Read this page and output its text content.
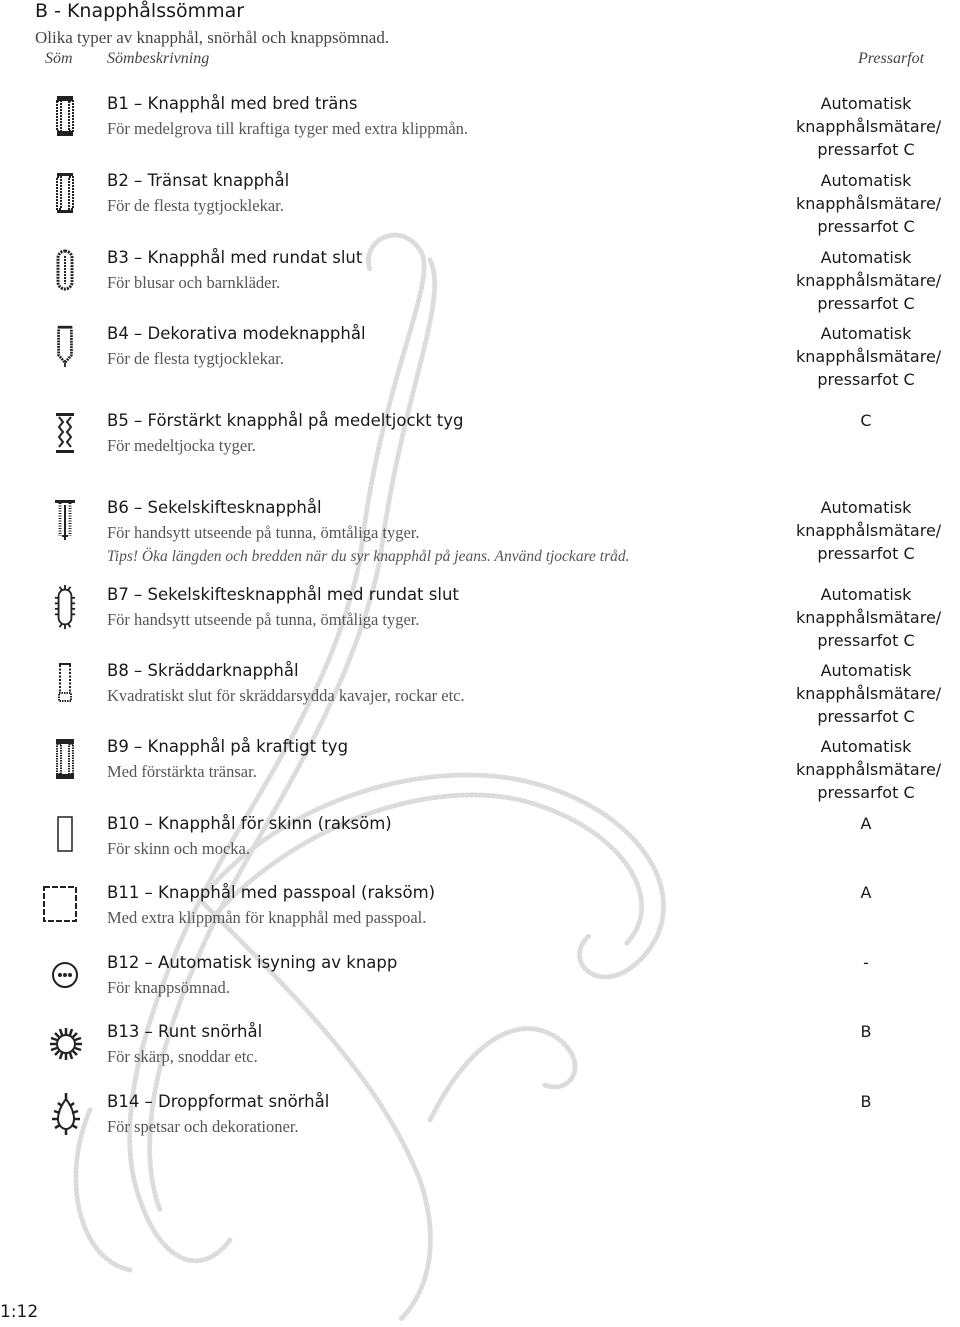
B - Knapphålssömmar
Olika typer av knapphål, snörhål och knappsömnad.
Söm Sömbeskrivning	Pressarfot
B1 – Knapphål med bred träns
För medelgrova till kraftiga tyger med extra klippmån.
Automatisk
knapphålsmätare/
pressarfot C
B2 – Tränsat knapphål
För de flesta tygtjocklekar.
Automatisk
knapphålsmätare/
pressarfot C
B3 – Knapphål med rundat slut
För blusar och barnkläder.
Automatisk
knapphålsmätare/
pressarfot C
B4 – Dekorativa modeknapphål
För de flesta tygtjocklekar.
Automatisk
knapphålsmätare/
pressarfot C
B5 – Förstärkt knapphål på medeltjockt tyg
För medeltjocka tyger.
C
B6 – Sekelskiftesknapphål
För handsytt utseende på tunna, ömtåliga tyger.
Tips! Öka längden och bredden när du syr knapphål på jeans. Använd tjockare tråd.
Automatisk
knapphålsmätare/
pressarfot C
B7 – Sekelskiftesknapphål med rundat slut
För handsytt utseende på tunna, ömtåliga tyger.
Automatisk
knapphålsmätare/
pressarfot C
B8 – Skräddarknapphål
Kvadratiskt slut för skräddarsydda kavajer, rockar etc.
Automatisk
knapphålsmätare/
pressarfot C
B9 – Knapphål på kraftigt tyg
Med förstärkta tränsar.
Automatisk
knapphålsmätare/
pressarfot C
B10 – Knapphål för skinn (raksöm)
För skinn och mocka.
A
B11 – Knapphål med passpoal (raksöm)
Med extra klippmån för knapphål med passpoal.
A
B12 – Automatisk isyning av knapp
För knappsömnad.
-
B13 – Runt snörhål
För skärp, snoddar etc.
B
B14 – Droppformat snörhål
För spetsar och dekorationer.
B
1:12
